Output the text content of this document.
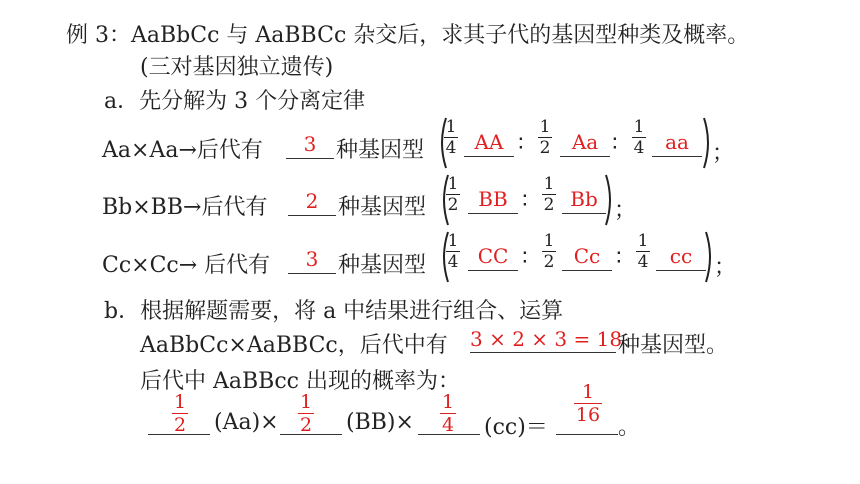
例 3：AaBbCc 与 AaBBCc 杂交后，求其子代的基因型种类及概率。
(三对基因独立遗传)
a．先分解为 3 个分离定律
Aa×Aa→后代有	3 种基因型
1
4 AA ∶
1
2	Aa ∶
1
4	aa	；
Bb×BB→后代有	2 种基因型
1
2 BB ∶
1
2 Bb ；
Cc×Cc→ 后代有	3 种基因型
1
4 CC ∶
1
2 Cc ∶
1
4	cc ；
b．根据解题需要，将 a 中结果进行组合、运算
AaBbCc×AaBBCc，后代中有 3 × 2 × 3 = 18
种基因型。
后代中 AaBBcc 出现的概率为：
1
2 (Aa)×
1
2 (BB)×
1
4 (cc)＝
1
16 。
